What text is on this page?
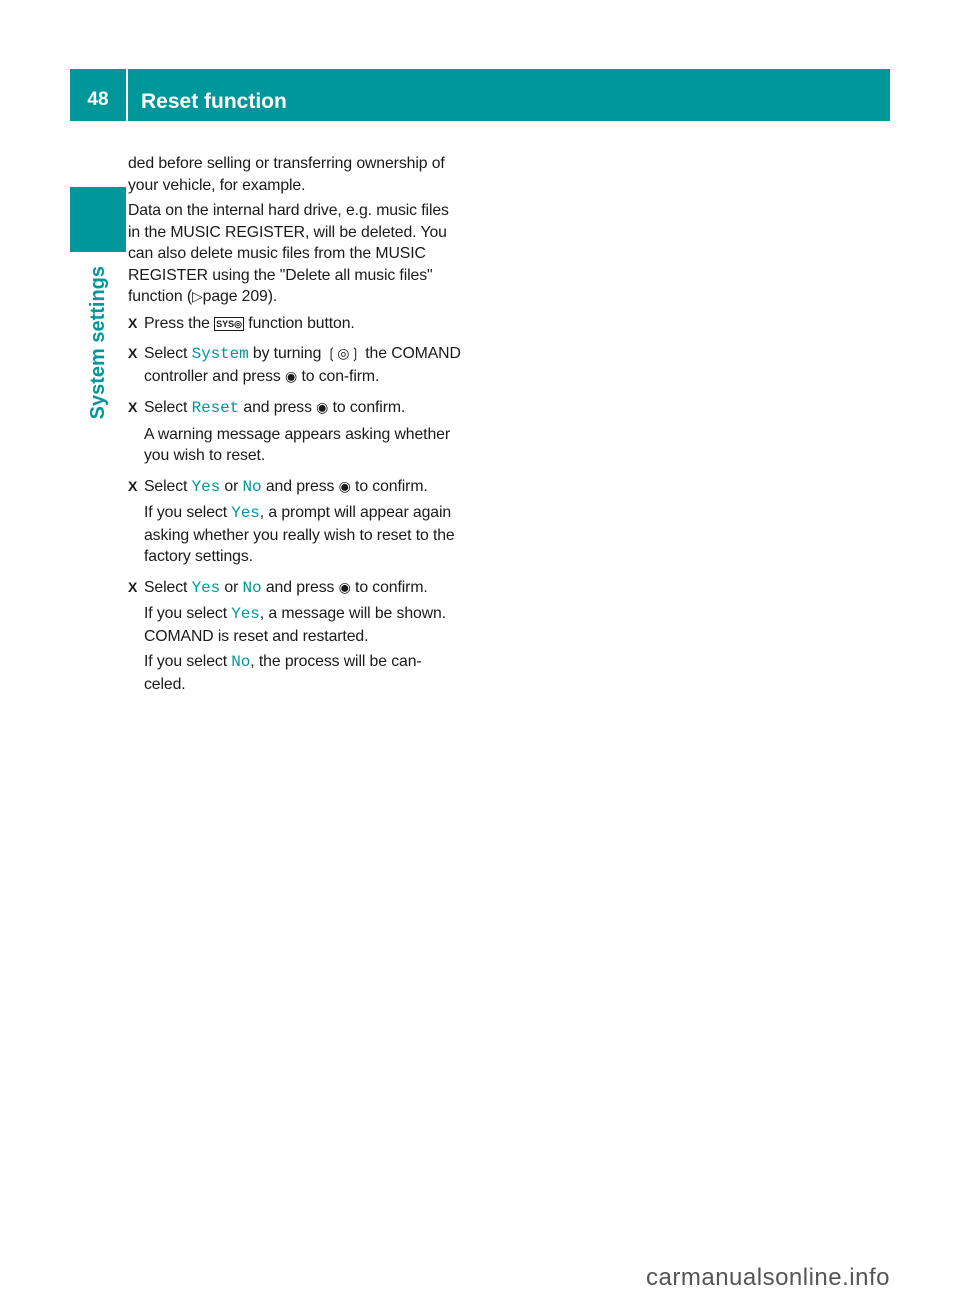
48	Reset function
System settings

ded before selling or transferring ownership of your vehicle, for example.

Data on the internal hard drive, e.g. music files in the MUSIC REGISTER, will be deleted. You can also delete music files from the MUSIC REGISTER using the "Delete all music files" function (▷page 209).

X Press the SYS◎ function button.

X Select System by turning ❲◎❳ the COMAND controller and press ◉ to con-firm.

X Select Reset and press ◉ to confirm.

A warning message appears asking whether you wish to reset.

X Select Yes or No and press ◉ to confirm.

If you select Yes, a prompt will appear again asking whether you really wish to reset to the factory settings.

X Select Yes or No and press ◉ to confirm.

If you select Yes, a message will be shown. COMAND is reset and restarted.

If you select No, the process will be can-celed.

carmanualsonline.info
